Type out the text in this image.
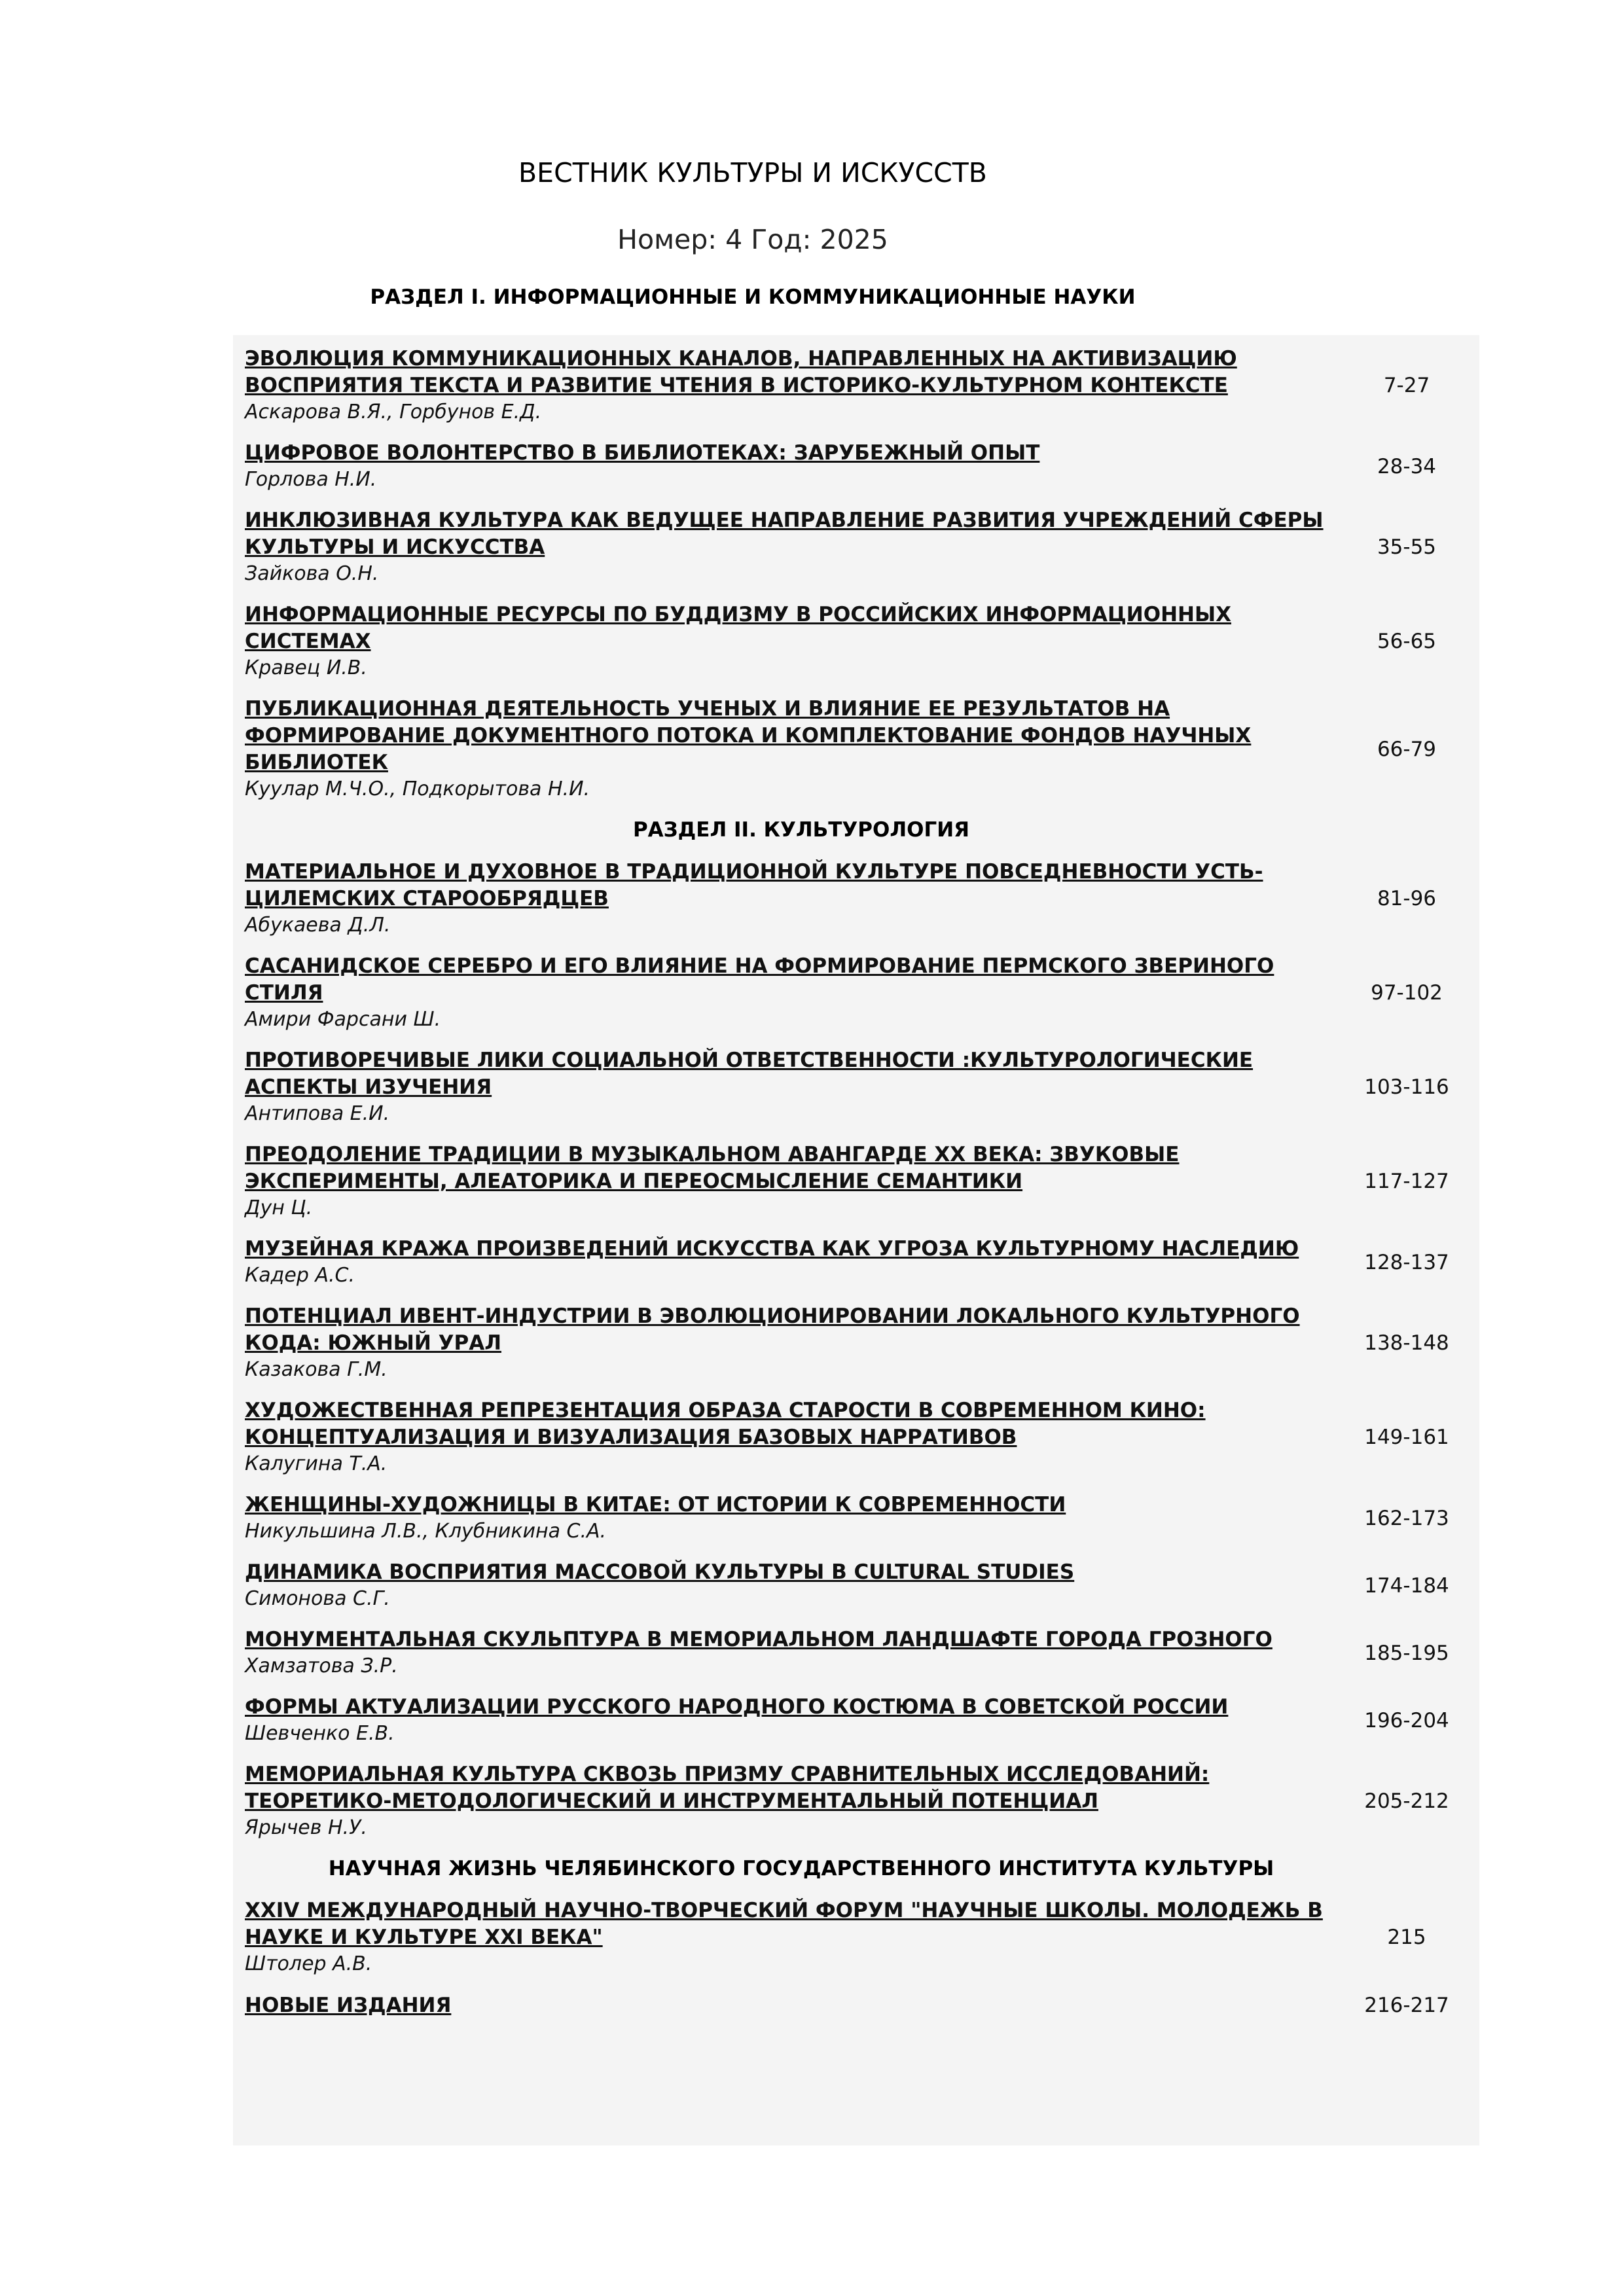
ВЕСТНИК КУЛЬТУРЫ И ИСКУССТВ
Номер: 4 Год: 2025
РАЗДЕЛ I. ИНФОРМАЦИОННЫЕ И КОММУНИКАЦИОННЫЕ НАУКИ
ЭВОЛЮЦИЯ КОММУНИКАЦИОННЫХ КАНАЛОВ, НАПРАВЛЕННЫХ НА АКТИВИЗАЦИЮ ВОСПРИЯТИЯ ТЕКСТА И РАЗВИТИЕ ЧТЕНИЯ В ИСТОРИКО-КУЛЬТУРНОМ КОНТЕКСТЕ
Аскарова В.Я., Горбунов Е.Д.
7-27
ЦИФРОВОЕ ВОЛОНТЕРСТВО В БИБЛИОТЕКАХ: ЗАРУБЕЖНЫЙ ОПЫТ
Горлова Н.И.
28-34
ИНКЛЮЗИВНАЯ КУЛЬТУРА КАК ВЕДУЩЕЕ НАПРАВЛЕНИЕ РАЗВИТИЯ УЧРЕЖДЕНИЙ СФЕРЫ КУЛЬТУРЫ И ИСКУССТВА
Зайкова О.Н.
35-55
ИНФОРМАЦИОННЫЕ РЕСУРСЫ ПО БУДДИЗМУ В РОССИЙСКИХ ИНФОРМАЦИОННЫХ СИСТЕМАХ
Кравец И.В.
56-65
ПУБЛИКАЦИОННАЯ ДЕЯТЕЛЬНОСТЬ УЧЕНЫХ И ВЛИЯНИЕ ЕЕ РЕЗУЛЬТАТОВ НА ФОРМИРОВАНИЕ ДОКУМЕНТНОГО ПОТОКА И КОМПЛЕКТОВАНИЕ ФОНДОВ НАУЧНЫХ БИБЛИОТЕК
Куулар М.Ч.О., Подкорытова Н.И.
66-79
РАЗДЕЛ II. КУЛЬТУРОЛОГИЯ
МАТЕРИАЛЬНОЕ И ДУХОВНОЕ В ТРАДИЦИОННОЙ КУЛЬТУРЕ ПОВСЕДНЕВНОСТИ УСТЬ-ЦИЛЕМСКИХ СТАРООБРЯДЦЕВ
Абукаева Д.Л.
81-96
САСАНИДСКОЕ СЕРЕБРО И ЕГО ВЛИЯНИЕ НА ФОРМИРОВАНИЕ ПЕРМСКОГО ЗВЕРИНОГО СТИЛЯ
Амири Фарсани Ш.
97-102
ПРОТИВОРЕЧИВЫЕ ЛИКИ СОЦИАЛЬНОЙ ОТВЕТСТВЕННОСТИ :КУЛЬТУРОЛОГИЧЕСКИЕ АСПЕКТЫ ИЗУЧЕНИЯ
Антипова Е.И.
103-116
ПРЕОДОЛЕНИЕ ТРАДИЦИИ В МУЗЫКАЛЬНОМ АВАНГАРДЕ XX ВЕКА: ЗВУКОВЫЕ ЭКСПЕРИМЕНТЫ, АЛЕАТОРИКА И ПЕРЕОСМЫСЛЕНИЕ СЕМАНТИКИ
Дун Ц.
117-127
МУЗЕЙНАЯ КРАЖА ПРОИЗВЕДЕНИЙ ИСКУССТВА КАК УГРОЗА КУЛЬТУРНОМУ НАСЛЕДИЮ
Кадер А.С.
128-137
ПОТЕНЦИАЛ ИВЕНТ-ИНДУСТРИИ В ЭВОЛЮЦИОНИРОВАНИИ ЛОКАЛЬНОГО КУЛЬТУРНОГО КОДА: ЮЖНЫЙ УРАЛ
Казакова Г.М.
138-148
ХУДОЖЕСТВЕННАЯ РЕПРЕЗЕНТАЦИЯ ОБРАЗА СТАРОСТИ В СОВРЕМЕННОМ КИНО: КОНЦЕПТУАЛИЗАЦИЯ И ВИЗУАЛИЗАЦИЯ БАЗОВЫХ НАРРАТИВОВ
Калугина Т.А.
149-161
ЖЕНЩИНЫ-ХУДОЖНИЦЫ В КИТАЕ: ОТ ИСТОРИИ К СОВРЕМЕННОСТИ
Никульшина Л.В., Клубникина С.А.
162-173
ДИНАМИКА ВОСПРИЯТИЯ МАССОВОЙ КУЛЬТУРЫ В CULTURAL STUDIES
Симонова С.Г.
174-184
МОНУМЕНТАЛЬНАЯ СКУЛЬПТУРА В МЕМОРИАЛЬНОМ ЛАНДШАФТЕ ГОРОДА ГРОЗНОГО
Хамзатова З.Р.
185-195
ФОРМЫ АКТУАЛИЗАЦИИ РУССКОГО НАРОДНОГО КОСТЮМА В СОВЕТСКОЙ РОССИИ
Шевченко Е.В.
196-204
МЕМОРИАЛЬНАЯ КУЛЬТУРА СКВОЗЬ ПРИЗМУ СРАВНИТЕЛЬНЫХ ИССЛЕДОВАНИЙ: ТЕОРЕТИКО-МЕТОДОЛОГИЧЕСКИЙ И ИНСТРУМЕНТАЛЬНЫЙ ПОТЕНЦИАЛ
Ярычев Н.У.
205-212
НАУЧНАЯ ЖИЗНЬ ЧЕЛЯБИНСКОГО ГОСУДАРСТВЕННОГО ИНСТИТУТА КУЛЬТУРЫ
XXIV МЕЖДУНАРОДНЫЙ НАУЧНО-ТВОРЧЕСКИЙ ФОРУМ "НАУЧНЫЕ ШКОЛЫ. МОЛОДЕЖЬ В НАУКЕ И КУЛЬТУРЕ XXI ВЕКА"
Штолер А.В.
215
НОВЫЕ ИЗДАНИЯ	216-217
